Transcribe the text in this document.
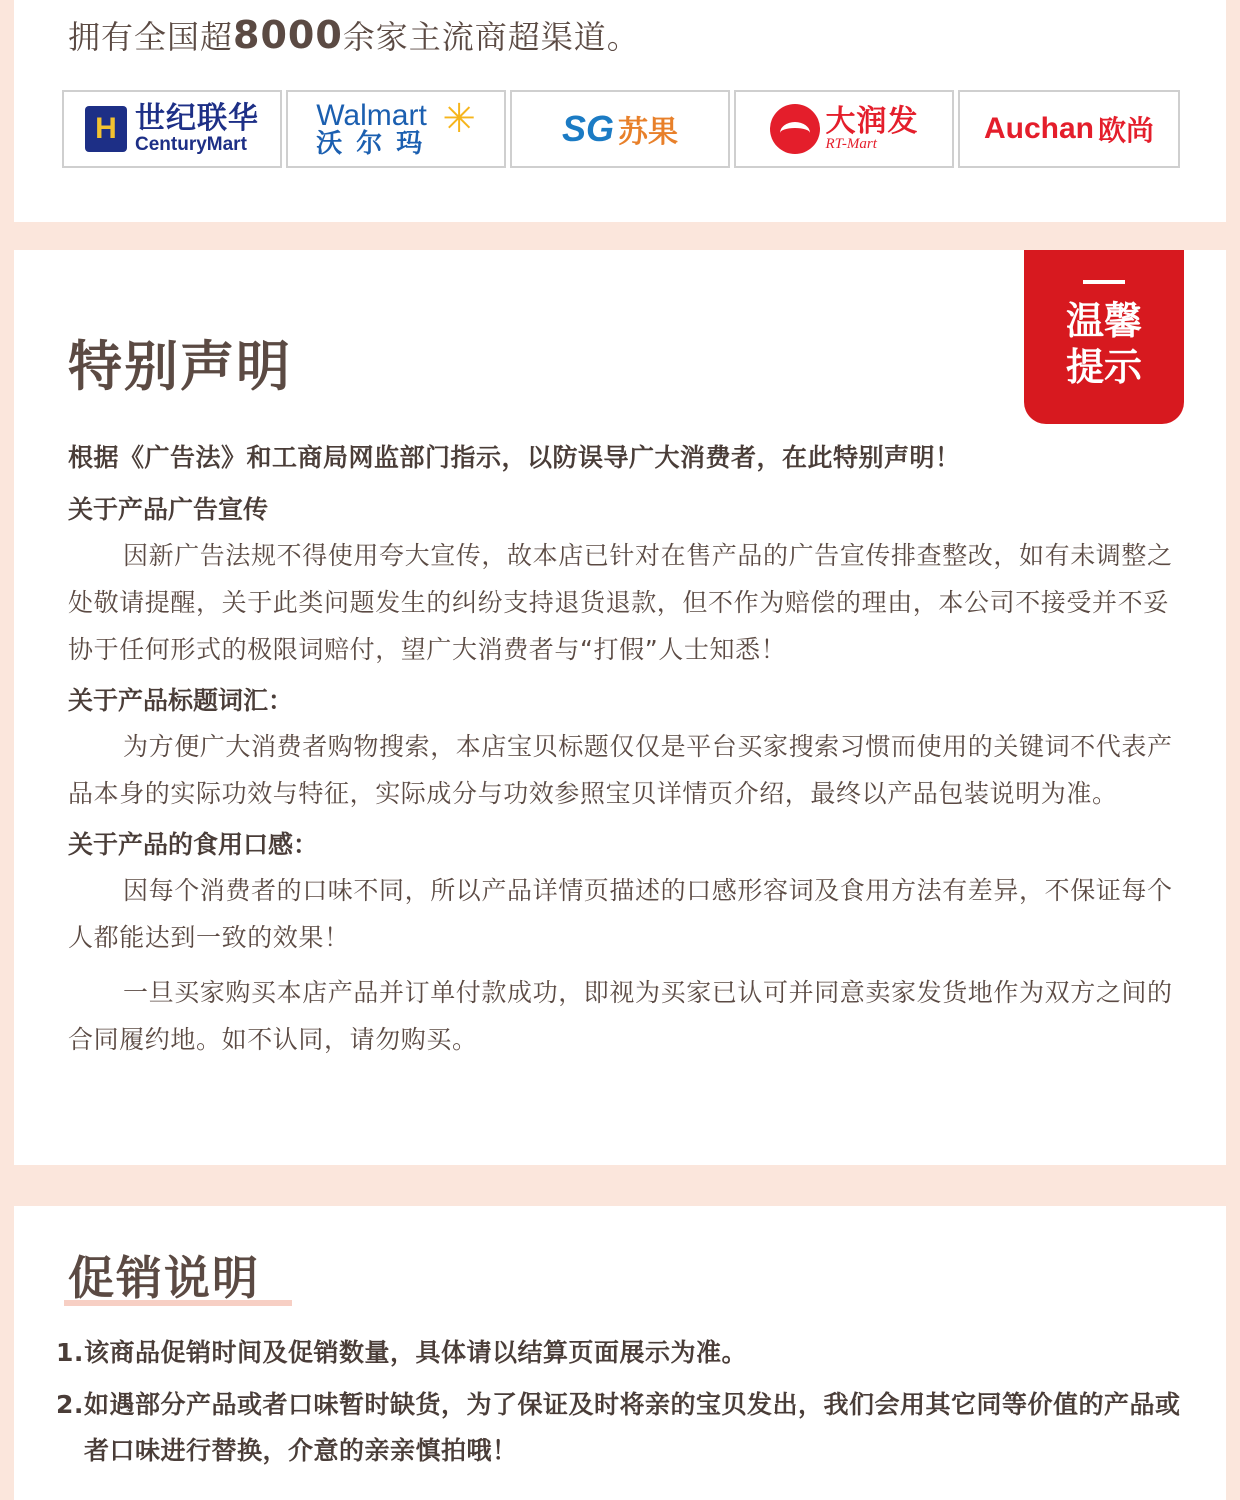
拥有全国超8000余家主流商超渠道。
H 世纪联华
CenturyMart
Walmart
沃尔玛
✳ SG 苏果	大润发
RT-Mart	Auchan 欧尚
温馨提示
特别声明

根据《广告法》和工商局网监部门指示，以防误导广大消费者，在此特别声明！

关于产品广告宣传

因新广告法规不得使用夸大宣传，故本店已针对在售产品的广告宣传排查整改，如有未调整之处敬请提醒，关于此类问题发生的纠纷支持退货退款，但不作为赔偿的理由，本公司不接受并不妥协于任何形式的极限词赔付，望广大消费者与“打假”人士知悉！

关于产品标题词汇：

为方便广大消费者购物搜索，本店宝贝标题仅仅是平台买家搜索习惯而使用的关键词不代表产品本身的实际功效与特征，实际成分与功效参照宝贝详情页介绍，最终以产品包装说明为准。

关于产品的食用口感：

因每个消费者的口味不同，所以产品详情页描述的口感形容词及食用方法有差异，不保证每个人都能达到一致的效果！

一旦买家购买本店产品并订单付款成功，即视为买家已认可并同意卖家发货地作为双方之间的合同履约地。如不认同，请勿购买。

促销说明
1. 该商品促销时间及促销数量，具体请以结算页面展示为准。
2. 如遇部分产品或者口味暂时缺货，为了保证及时将亲的宝贝发出，我们会用其它同等价值的产品或者口味进行替换，介意的亲亲慎拍哦！
